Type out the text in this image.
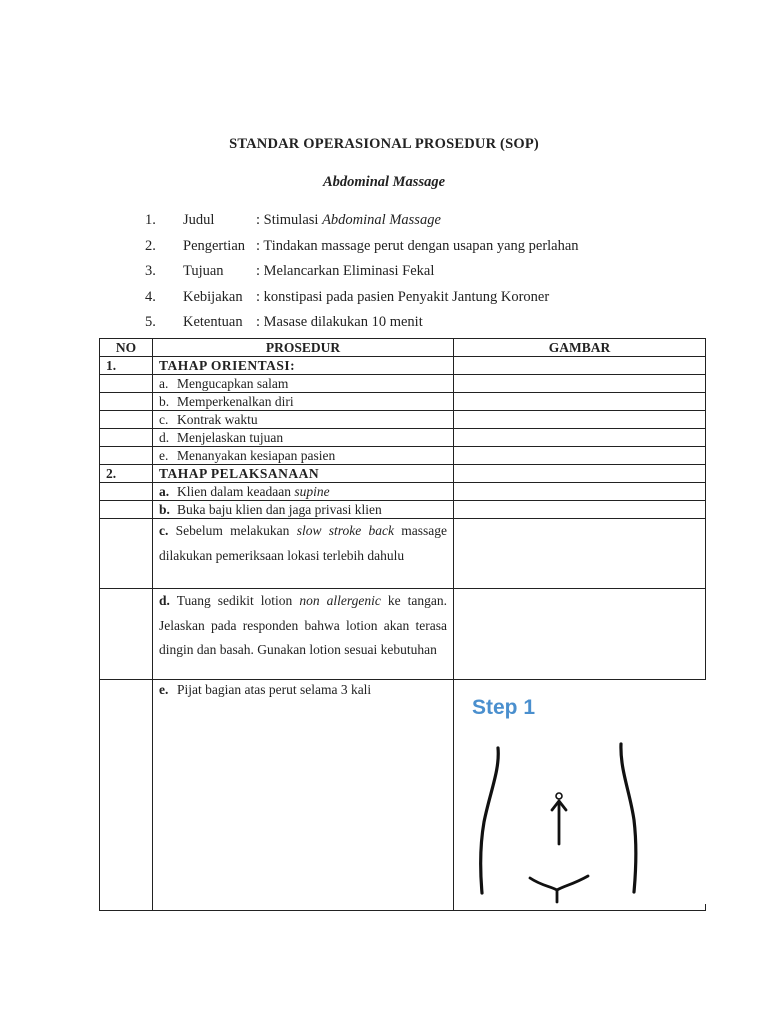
STANDAR OPERASIONAL PROSEDUR (SOP)
Abdominal Massage
1. Judul	: Stimulasi Abdominal Massage
2. Pengertian : Tindakan massage perut dengan usapan yang perlahan
3. Tujuan : Melancarkan Eliminasi Fekal
4. Kebijakan : konstipasi pada pasien Penyakit Jantung Koroner
5. Ketentuan : Masase dilakukan 10 menit
NO	PROSEDUR	GAMBAR
1.	TAHAP ORIENTASI:	
	a. Mengucapkan salam	
	b. Memperkenalkan diri	
	c. Kontrak waktu	
	d. Menjelaskan tujuan	
	e. Menanyakan kesiapan pasien	
2.	TAHAP PELAKSANAAN	
	a. Klien dalam keadaan supine	
	b. Buka baju klien dan jaga privasi klien	
	c. Sebelum melakukan slow stroke back massage dilakukan pemeriksaan lokasi terlebih dahulu	
	d. Tuang sedikit lotion non allergenic ke tangan. Jelaskan pada responden bahwa lotion akan terasa dingin dan basah. Gunakan lotion sesuai kebutuhan	
	e. Pijat bagian atas perut selama 3 kali	Step 1
